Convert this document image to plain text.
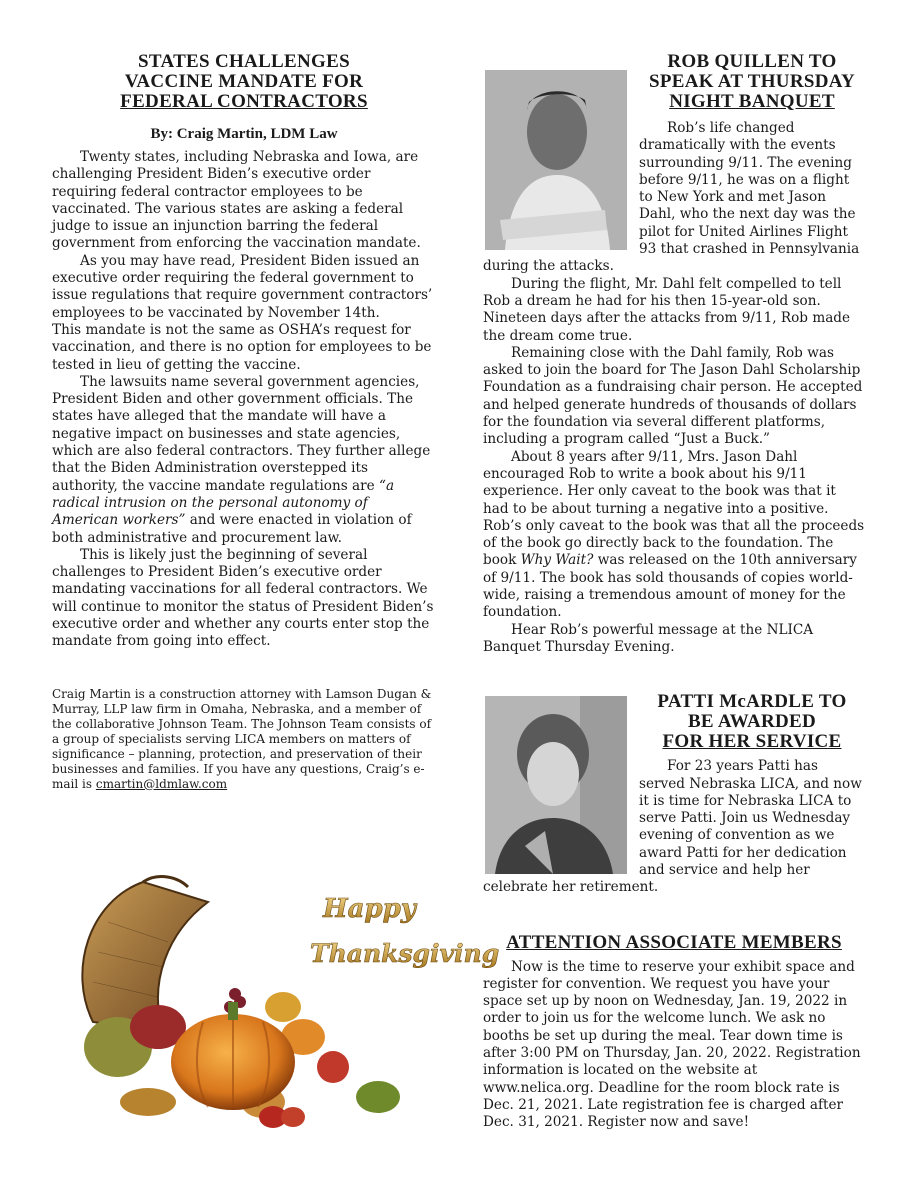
STATES CHALLENGES
VACCINE MANDATE FOR
FEDERAL CONTRACTORS
By: Craig Martin, LDM Law

Twenty states, including Nebraska and Iowa, are challenging President Biden’s executive order requiring federal contractor employees to be vaccinated. The various states are asking a federal judge to issue an injunction barring the federal government from enforcing the vaccination mandate.

As you may have read, President Biden issued an executive order requiring the federal government to issue regulations that require government contractors’ employees to be vaccinated by November 14th.

This mandate is not the same as OSHA’s request for vaccination, and there is no option for employees to be tested in lieu of getting the vaccine.

The lawsuits name several government agencies, President Biden and other government officials. The states have alleged that the mandate will have a negative impact on businesses and state agencies, which are also federal contractors. They further allege that the Biden Administration overstepped its authority, the vaccine mandate regulations are “a radical intrusion on the personal autonomy of American workers” and were enacted in violation of both administrative and procurement law.

This is likely just the beginning of several challenges to President Biden’s executive order mandating vaccinations for all federal contractors. We will continue to monitor the status of President Biden’s executive order and whether any courts enter stop the mandate from going into effect.

Craig Martin is a construction attorney with Lamson Dugan & Murray, LLP law firm in Omaha, Nebraska, and a member of the collaborative Johnson Team. The Johnson Team consists of a group of specialists serving LICA members on matters of significance – planning, protection, and preservation of their businesses and families. If you have any questions, Craig’s e-mail is cmartin@ldmlaw.com

Happy
Thanksgiving
ROB QUILLEN TO
SPEAK AT THURSDAY
NIGHT BANQUET

Rob’s life changed dramatically with the events surrounding 9/11. The evening before 9/11, he was on a flight to New York and met Jason Dahl, who the next day was the pilot for United Airlines Flight 93 that crashed in Pennsylvania during the attacks.

During the flight, Mr. Dahl felt compelled to tell Rob a dream he had for his then 15-year-old son. Nineteen days after the attacks from 9/11, Rob made the dream come true.

Remaining close with the Dahl family, Rob was asked to join the board for The Jason Dahl Scholarship Foundation as a fundraising chair person. He accepted and helped generate hundreds of thousands of dollars for the foundation via several different platforms, including a program called “Just a Buck.”

About 8 years after 9/11, Mrs. Jason Dahl encouraged Rob to write a book about his 9/11 experience. Her only caveat to the book was that it had to be about turning a negative into a positive. Rob’s only caveat to the book was that all the proceeds of the book go directly back to the foundation. The book Why Wait? was released on the 10th anniversary of 9/11. The book has sold thousands of copies world-wide, raising a tremendous amount of money for the foundation.

Hear Rob’s powerful message at the NLICA Banquet Thursday Evening.

PATTI McARDLE TO
BE AWARDED
FOR HER SERVICE

For 23 years Patti has served Nebraska LICA, and now it is time for Nebraska LICA to serve Patti. Join us Wednesday evening of convention as we award Patti for her dedication and service and help her celebrate her retirement.

ATTENTION ASSOCIATE MEMBERS

Now is the time to reserve your exhibit space and register for convention. We request you have your space set up by noon on Wednesday, Jan. 19, 2022 in order to join us for the welcome lunch. We ask no booths be set up during the meal. Tear down time is after 3:00 PM on Thursday, Jan. 20, 2022. Registration information is located on the website at www.nelica.org. Deadline for the room block rate is Dec. 21, 2021. Late registration fee is charged after Dec. 31, 2021. Register now and save!
